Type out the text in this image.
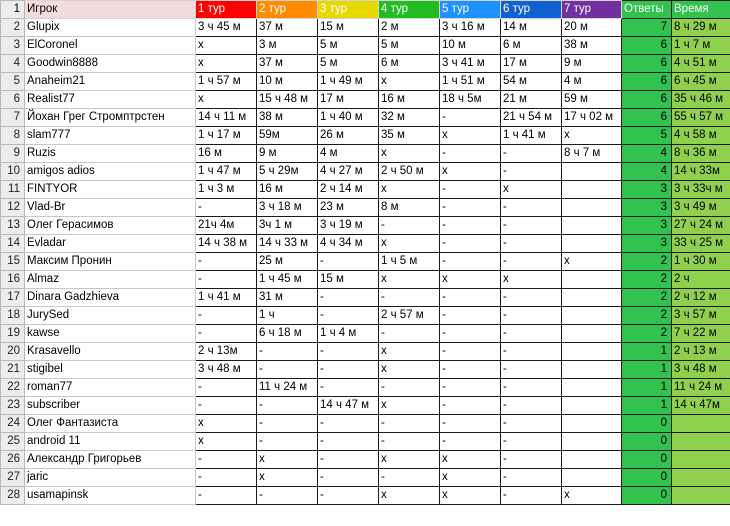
1	Игрок	1 тур	2 тур	3 тур	4 тур	5 тур	6 тур	7 тур	Ответы	Время
2	Glupix	3 ч 45 м	37 м	15 м	2 м	3 ч 16 м	14 м	20 м	7	8 ч 29 м
3	ElCoronel	х	3 м	5 м	5 м	10 м	6 м	38 м	6	1 ч 7 м
4	Goodwin8888	х	37 м	5 м	6 м	3 ч 41 м	17 м	9 м	6	4 ч 51 м
5	Anaheim21	1 ч 57 м	10 м	1 ч 49 м	х	1 ч 51 м	54 м	4 м	6	6 ч 45 м
6	Realist77	х	15 ч 48 м	17 м	16 м	18 ч 5м	21 м	59 м	6	35 ч 46 м
7	Йохан Грег Стромптрстен	14 ч 11 м	38 м	1 ч 40 м	32 м	-	21 ч 54 м	17 ч 02 м	6	55 ч 57 м
8	slam777	1 ч 17 м	59м	26 м	35 м	х	1 ч 41 м	х	5	4 ч 58 м
9	Ruzis	16 м	9 м	4 м	х	-	-	8 ч 7 м	4	8 ч 36 м
10	amigos adios	1 ч 47 м	5 ч 29м	4 ч 27 м	2 ч 50 м	х	-		4	14 ч 33м
11	FINTYOR	1 ч 3 м	16 м	2 ч 14 м	х	-	х		3	3 ч 33ч м
12	Vlad-Br	-	3 ч 18 м	23 м	8 м	-	-		3	3 ч 49 м
13	Олег Герасимов	21ч 4м	3ч 1 м	3 ч 19 м	-	-	-		3	27 ч 24 м
14	Evladar	14 ч 38 м	14 ч 33 м	4 ч 34 м	х	-	-		3	33 ч 25 м
15	Максим Пронин	-	25 м	-	1 ч 5 м	-	-	х	2	1 ч 30 м
16	Almaz	-	1 ч 45 м	15 м	х	х	х		2	2 ч
17	Dinara Gadzhieva	1 ч 41 м	31 м	-	-	-	-		2	2 ч 12 м
18	JurySed	-	1 ч	-	2 ч 57 м	-	-		2	3 ч 57 м
19	kawse	-	6 ч 18 м	1 ч 4 м	-	-	-		2	7 ч 22 м
20	Krasavello	2 ч 13м	-	-	х	-	-		1	2 ч 13 м
21	stigibel	3 ч 48 м	-	-	х	-	-		1	3 ч 48 м
22	roman77	-	11 ч 24 м	-	-	-	-		1	11 ч 24 м
23	subscriber	-	-	14 ч 47 м	х	-	-		1	14 ч 47м
24	Олег Фантазиста	х	-	-	-	-	-		0	
25	android 11	х	-	-	-	-	-		0	
26	Александр Григорьев	-	х	-	х	х	-		0	
27	jaric	-	х	-	-	х	-		0	
28	usamapinsk	-	-	-	х	х	-	х	0	
